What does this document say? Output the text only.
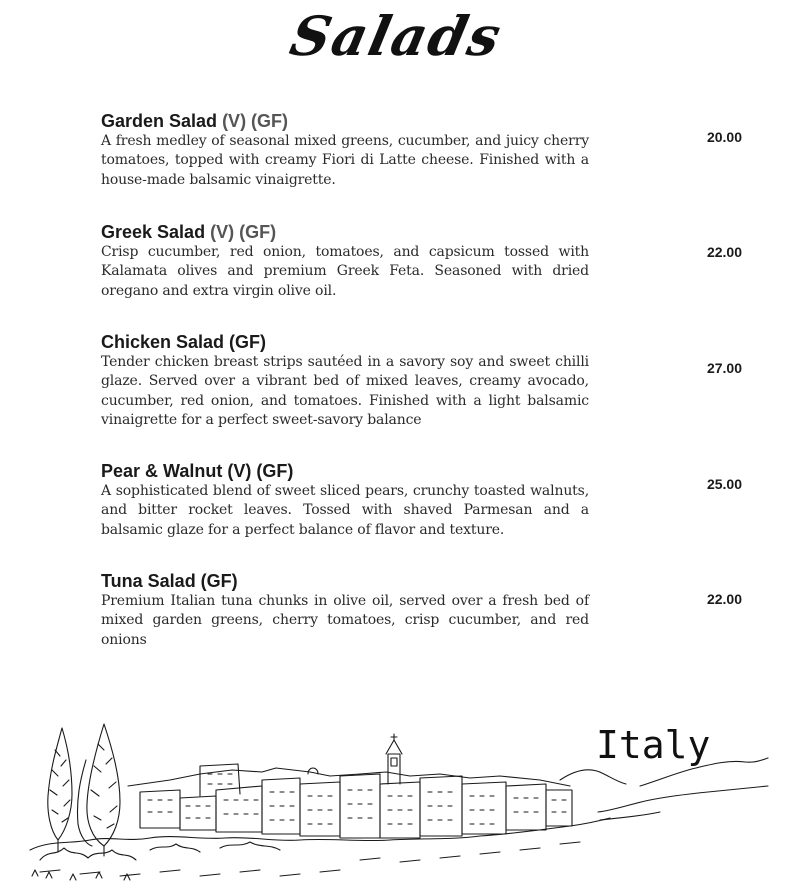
Salads
Garden Salad (V) (GF)
A fresh medley of seasonal mixed greens, cucumber, and juicy cherry tomatoes, topped with creamy Fiori di Latte cheese. Finished with a house-made balsamic vinaigrette.
20.00
Greek Salad (V) (GF)
Crisp cucumber, red onion, tomatoes, and capsicum tossed with Kalamata olives and premium Greek Feta. Seasoned with dried oregano and extra virgin olive oil.
22.00
Chicken Salad (GF)
Tender chicken breast strips sautéed in a savory soy and sweet chilli glaze. Served over a vibrant bed of mixed leaves, creamy avocado, cucumber, red onion, and tomatoes. Finished with a light balsamic vinaigrette for a perfect sweet-savory balance
27.00
Pear & Walnut (V) (GF)
A sophisticated blend of sweet sliced pears, crunchy toasted walnuts, and bitter rocket leaves. Tossed with shaved Parmesan and a balsamic glaze for a perfect balance of flavor and texture.
25.00
Tuna Salad (GF)
Premium Italian tuna chunks in olive oil, served over a fresh bed of mixed garden greens, cherry tomatoes, crisp cucumber, and red onions
22.00
Italy
